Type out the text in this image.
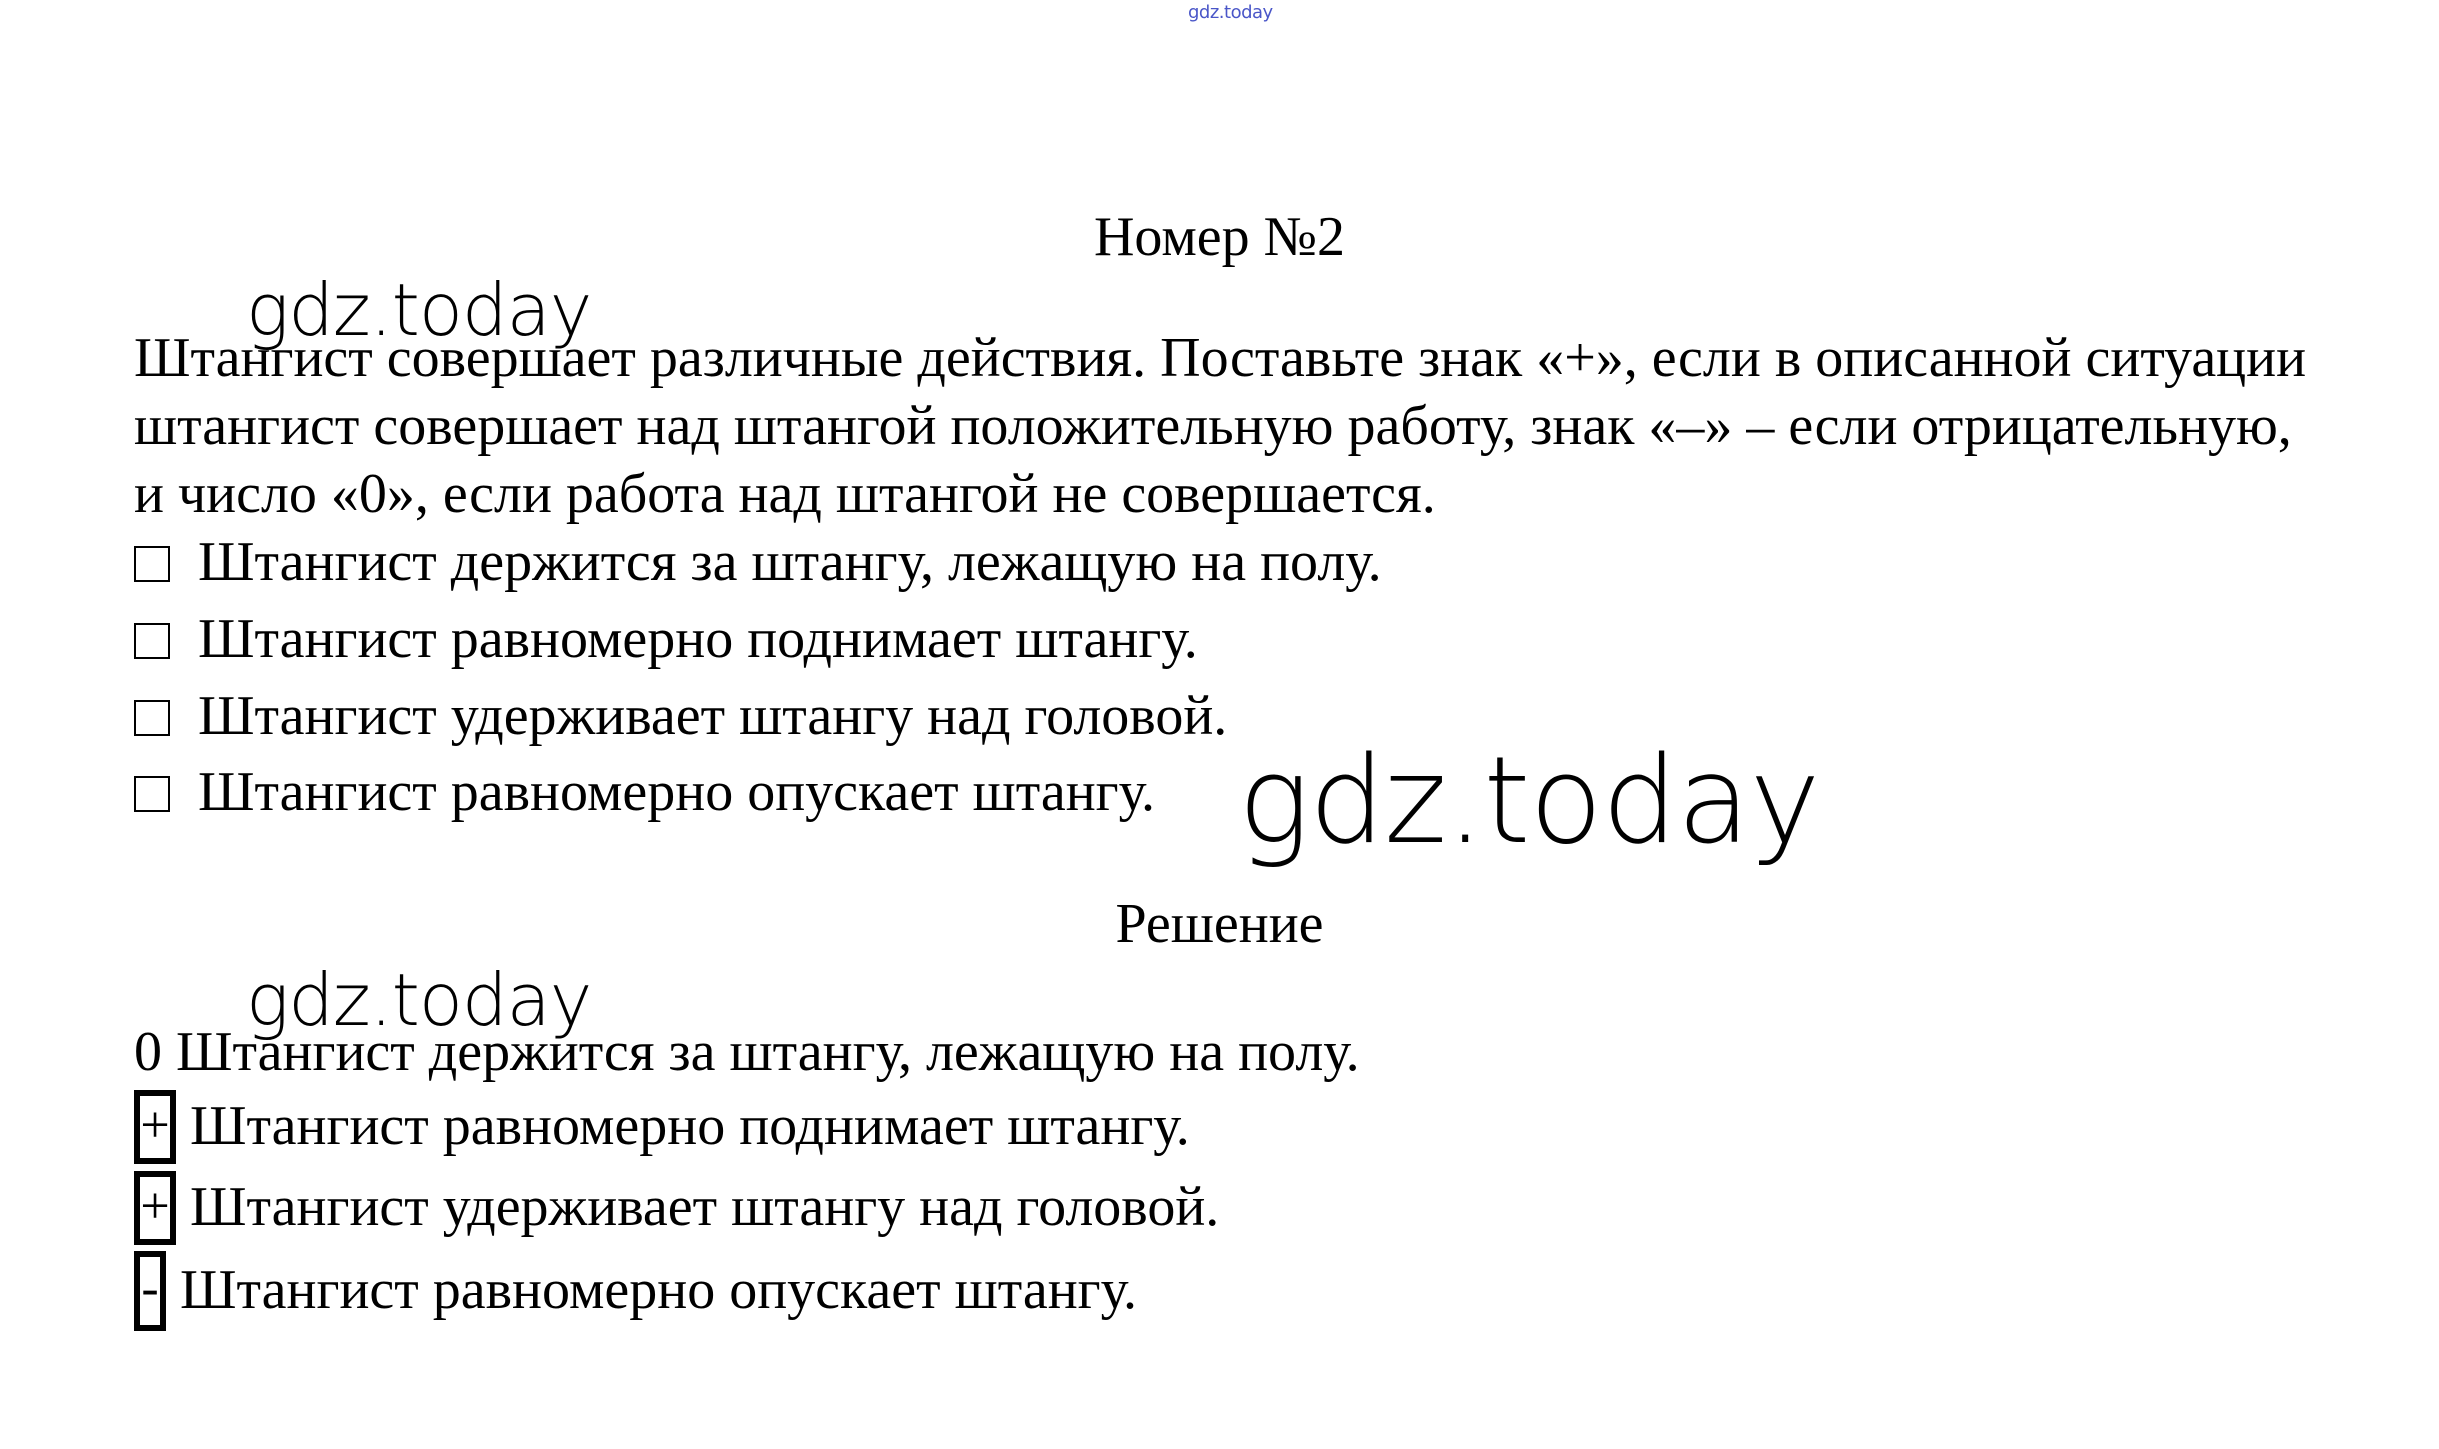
gdz.today
Номер №2
Штангист совершает различные действия. Поставьте знак «+», если в описанной ситуации штангист совершает над штангой положительную работу, знак «–» – если отрицательную, и число «0», если работа над штангой не совершается.
Штангист держится за штангу, лежащую на полу.
Штангист равномерно поднимает штангу.
Штангист удерживает штангу над головой.
Штангист равномерно опускает штангу.
Решение
0 Штангист держится за штангу, лежащую на полу.
+ Штангист равномерно поднимает штангу.
+ Штангист удерживает штангу над головой.
- Штангист равномерно опускает штангу.
gdz.today
gdz.today
gdz.today
